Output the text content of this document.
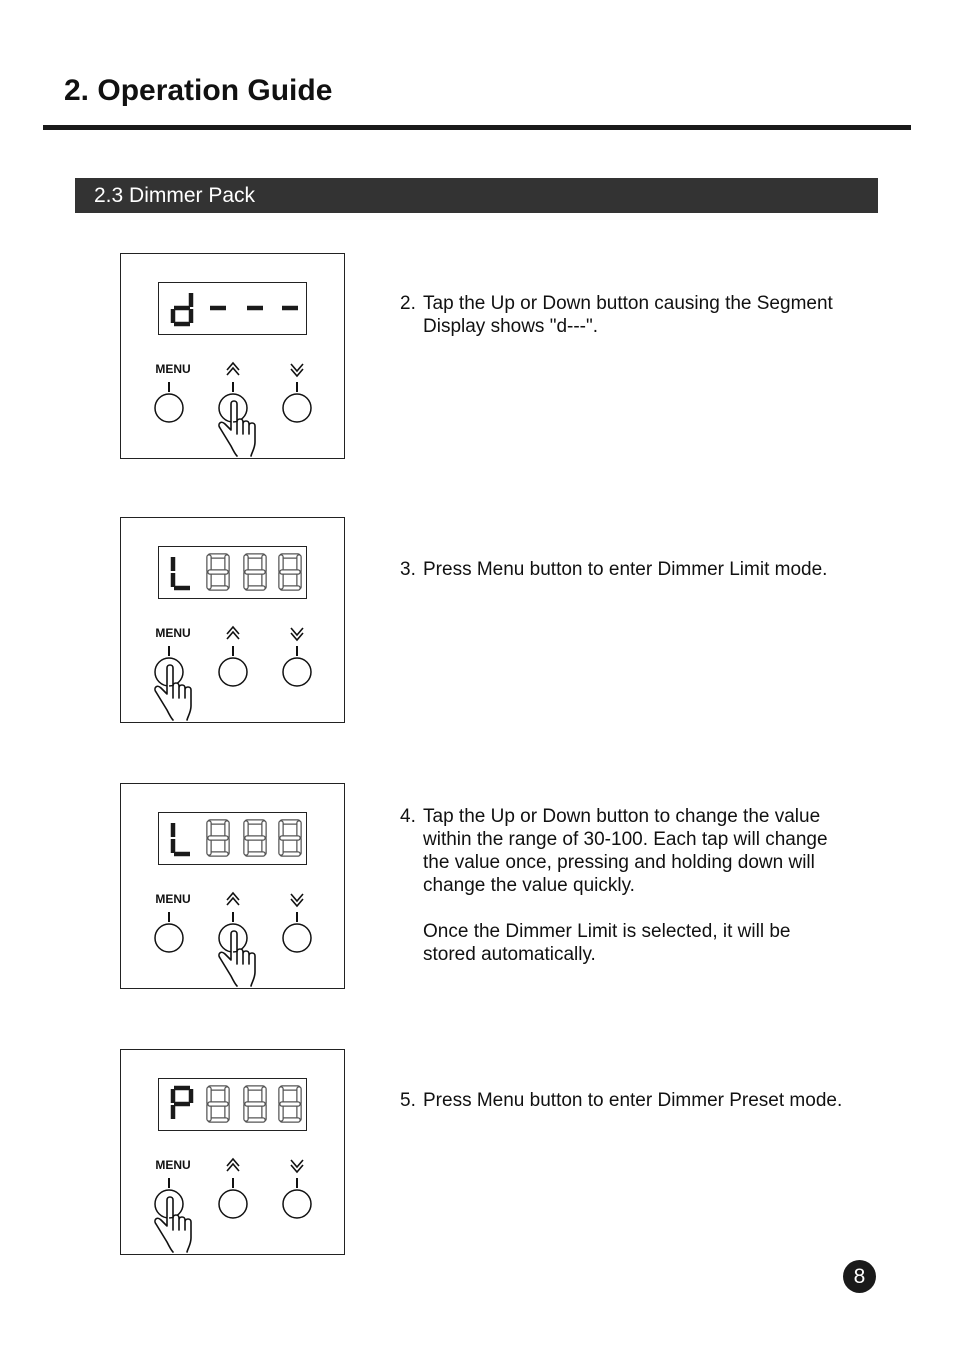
2. Operation Guide
2.3 Dimmer Pack
MENU
2. Tap the Up or Down button causing the Segment
Display shows "d---".
MENU
3. Press Menu button to enter Dimmer Limit mode.
MENU
4. Tap the Up or Down button to change the value
within the range of 30-100. Each tap will change
the value once, pressing and holding down will
change the value quickly.

Once the Dimmer Limit is selected, it will be
stored automatically.
MENU
5. Press Menu button to enter Dimmer Preset mode.
8
